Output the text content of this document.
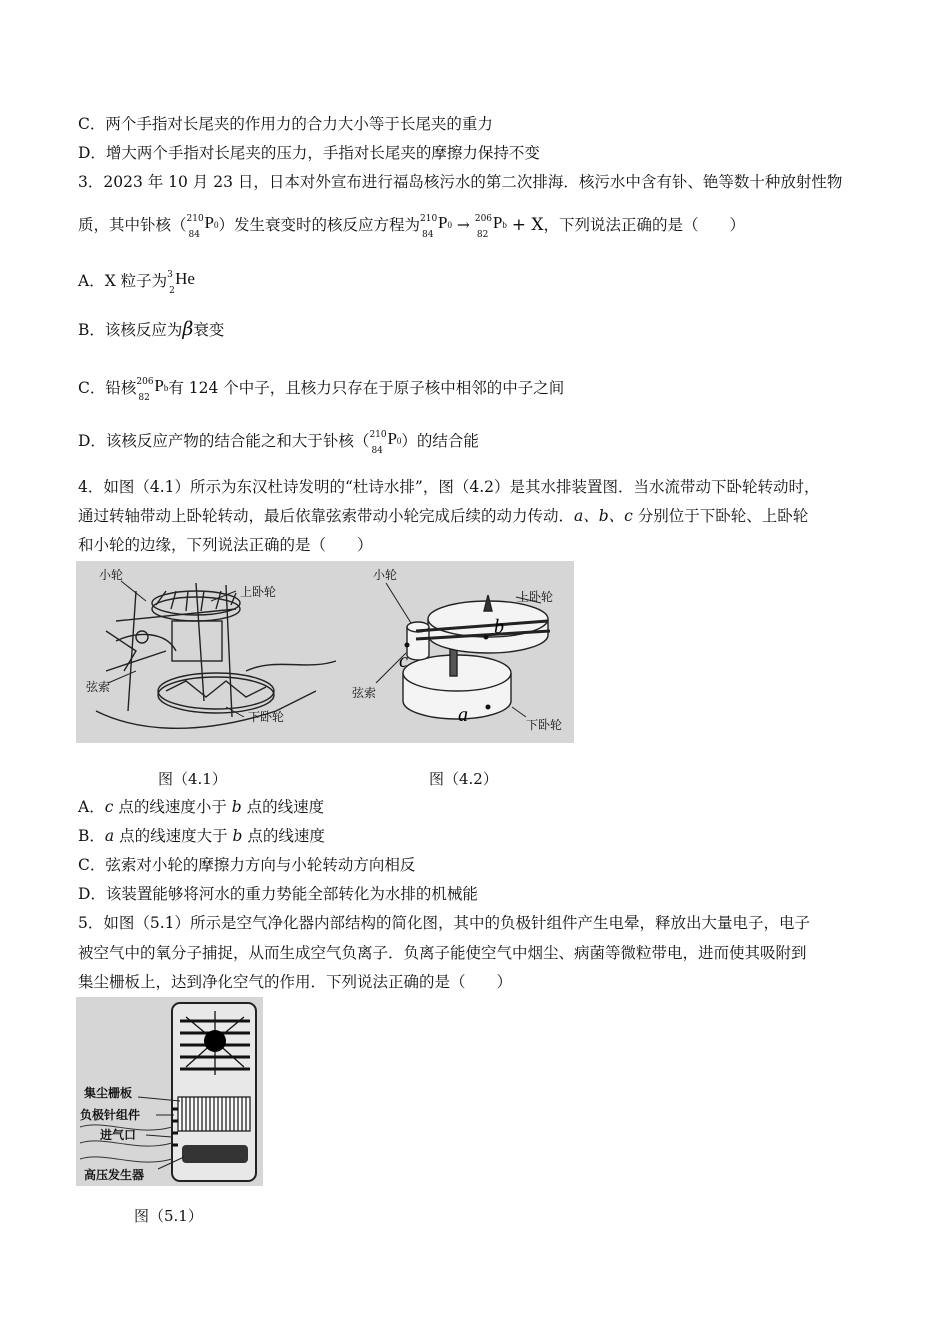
C．两个手指对长尾夹的作用力的合力大小等于长尾夹的重力
D．增大两个手指对长尾夹的压力，手指对长尾夹的摩擦力保持不变
3．2023 年 10 月 23 日，日本对外宣布进行福岛核污水的第二次排海．核污水中含有钋、铯等数十种放射性物
质，其中钋核（ 210
84
P0）发生衰变时的核反应方程为 210
84
P0 → 206
82
Pb + X，下列说法正确的是（　　）
A．X 粒子为 3
2
He
B．该核反应为β衰变
C．铅核 206
82
Pb有 124 个中子，且核力只存在于原子核中相邻的中子之间
D．该核反应产物的结合能之和大于钋核（ 210
84
P0）的结合能
4．如图（4.1）所示为东汉杜诗发明的“杜诗水排”，图（4.2）是其水排装置图．当水流带动下卧轮转动时，
通过转轴带动上卧轮转动，最后依靠弦索带动小轮完成后续的动力传动．a、b、c 分别位于下卧轮、上卧轮
和小轮的边缘，下列说法正确的是（　　）
小轮
上卧轮
弦索
下卧轮
小轮
上卧轮
弦索
下卧轮
a
b
c
图（4.1）	图（4.2）
A．c 点的线速度小于 b 点的线速度
B．a 点的线速度大于 b 点的线速度
C．弦索对小轮的摩擦力方向与小轮转动方向相反
D．该装置能够将河水的重力势能全部转化为水排的机械能
5．如图（5.1）所示是空气净化器内部结构的简化图，其中的负极针组件产生电晕，释放出大量电子，电子
被空气中的氧分子捕捉，从而生成空气负离子．负离子能使空气中烟尘、病菌等微粒带电，进而使其吸附到
集尘栅板上，达到净化空气的作用．下列说法正确的是（　　）
集尘栅板
负极针组件
进气口
高压发生器
图（5.1）
